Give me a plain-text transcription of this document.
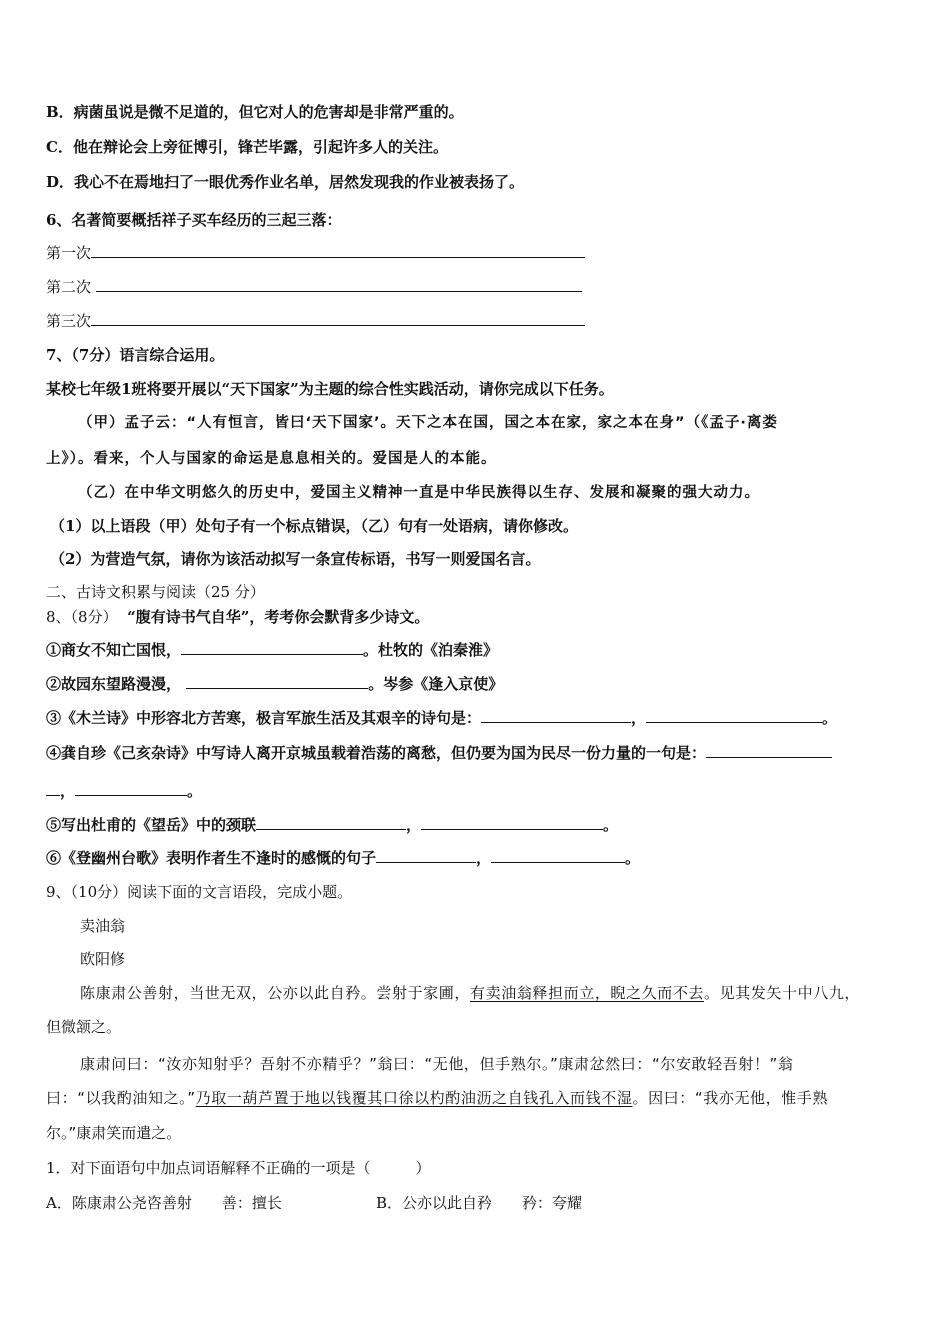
B．病菌虽说是微不足道的，但它对人的危害却是非常严重的。
C．他在辩论会上旁征博引，锋芒毕露，引起许多人的关注。
D．我心不在焉地扫了一眼优秀作业名单，居然发现我的作业被表扬了。
6、名著简要概括祥子买车经历的三起三落：
第一次
第二次
第三次
7、（7分）语言综合运用。
某校七年级1班将要开展以“天下国家”为主题的综合性实践活动，请你完成以下任务。
（甲）孟子云：“人有恒言，皆曰‘天下国家’。天下之本在国，国之本在家，家之本在身”（《孟子·离娄
上》）。看来，个人与国家的命运是息息相关的。爱国是人的本能。
（乙）在中华文明悠久的历史中，爱国主义精神一直是中华民族得以生存、发展和凝聚的强大动力。
（1）以上语段（甲）处句子有一个标点错误，（乙）句有一处语病，请你修改。
（2）为营造气氛，请你为该活动拟写一条宣传标语，书写一则爱国名言。
二、古诗文积累与阅读（25 分）
8、（8分） “腹有诗书气自华”，考考你会默背多少诗文。
①商女不知亡国恨，	。杜牧的《泊秦淮》
②故园东望路漫漫，	。岑参《逢入京使》
③《木兰诗》中形容北方苦寒，极言军旅生活及其艰辛的诗句是：	，	。
④龚自珍《己亥杂诗》中写诗人离开京城虽载着浩荡的离愁，但仍要为国为民尽一份力量的一句是：
，	。
⑤写出杜甫的《望岳》中的颈联	，	。
⑥《登幽州台歌》表明作者生不逢时的感慨的句子	，	。
9、（10分）阅读下面的文言语段，完成小题。
卖油翁
欧阳修
陈康肃公善射，当世无双，公亦以此自矜。尝射于家圃，有卖油翁释担而立，睨之久而不去。见其发矢十中八九，
但微颔之。
康肃问曰：“汝亦知射乎？吾射不亦精乎？”翁曰：“无他，但手熟尔。”康肃忿然曰：“尔安敢轻吾射！”翁
曰：“以我酌油知之。”乃取一葫芦置于地以钱覆其口徐以杓酌油沥之自钱孔入而钱不湿。因曰：“我亦无他，惟手熟
尔。”康肃笑而遣之。
1．对下面语句中加点词语解释不正确的一项是（　　　）
A．陈康肃公尧咨善射　　善：擅长	B．公亦以此自矜　　矜：夸耀
